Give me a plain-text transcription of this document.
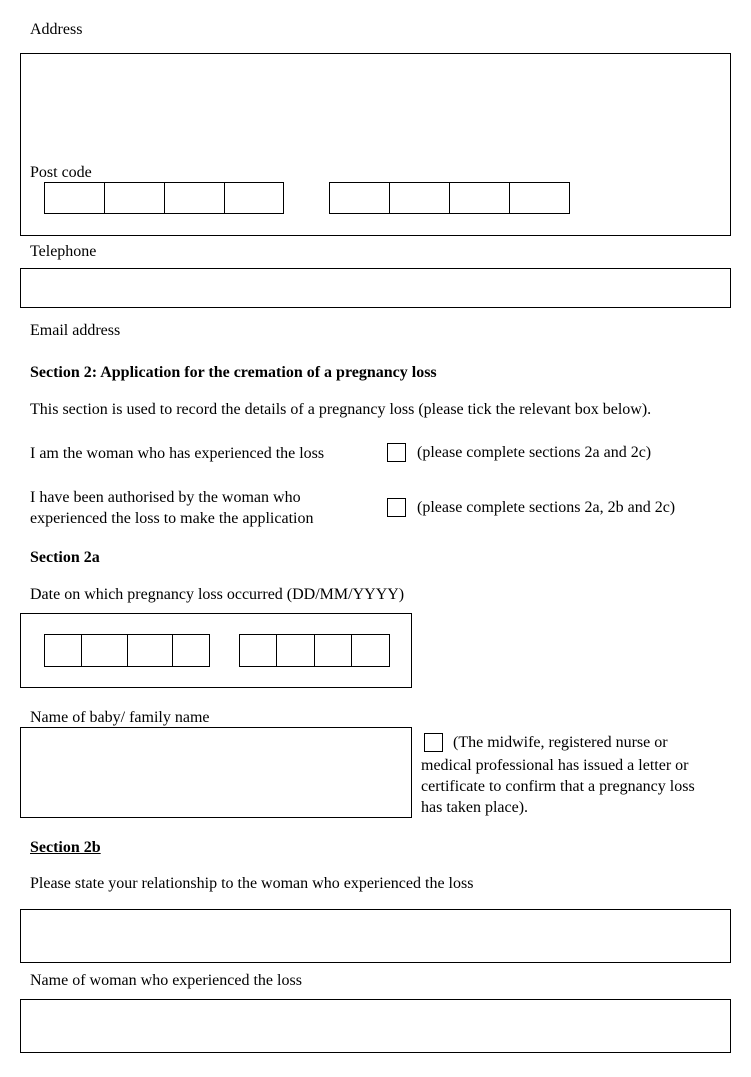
Address
Post code
Telephone
Email address
Section 2: Application for the cremation of a pregnancy loss
This section is used to record the details of a pregnancy loss (please tick the relevant box below).
I am the woman who has experienced the loss	(please complete sections 2a and 2c)
I have been authorised by the woman who
experienced the loss to make the application
(please complete sections 2a, 2b and 2c)
Section 2a
Date on which pregnancy loss occurred (DD/MM/YYYY)
Name of baby/ family name
(The midwife, registered nurse or
medical professional has issued a letter or
certificate to confirm that a pregnancy loss
has taken place).
Section 2b
Please state your relationship to the woman who experienced the loss
Name of woman who experienced the loss
